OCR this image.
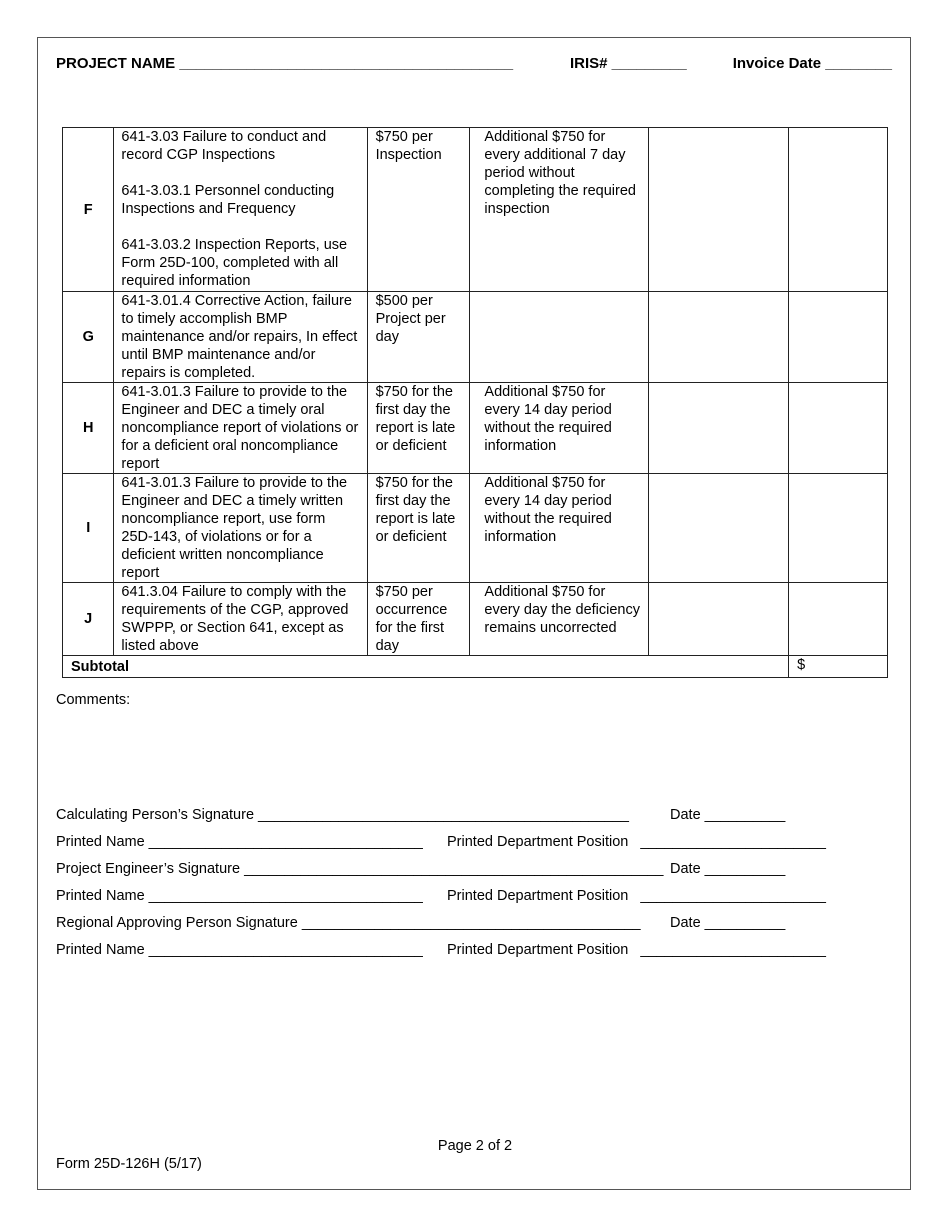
PROJECT NAME ________________________________________	IRIS# _________	Invoice Date ________
F	641-3.03 Failure to conduct and record CGP Inspections

641-3.03.1 Personnel conducting Inspections and Frequency

641-3.03.2 Inspection Reports, use Form 25D-100, completed with all required information	$750 per Inspection	Additional $750 for every additional 7 day period without completing the required inspection		
G	641-3.01.4 Corrective Action, failure to timely accomplish BMP maintenance and/or repairs, In effect until BMP maintenance and/or repairs is completed.	$500 per Project per day			
H	641-3.01.3 Failure to provide to the Engineer and DEC a timely oral noncompliance report of violations or for a deficient oral noncompliance report	$750 for the first day the report is late or deficient	Additional $750 for every 14 day period without the required information		
I	641-3.01.3 Failure to provide to the Engineer and DEC a timely written noncompliance report, use form 25D-143, of violations or for a deficient written noncompliance report	$750 for the first day the report is late or deficient	Additional $750 for every 14 day period without the required information		
J	641.3.04 Failure to comply with the requirements of the CGP, approved SWPPP, or Section 641, except as listed above	$750 per occurrence for the first day	Additional $750 for every day the deficiency remains uncorrected		
Subtotal					$
Comments:

Calculating Person’s Signature ______________________________________________

	Date __________

Printed Name __________________________________

Printed Department Position   _______________________

Project Engineer’s Signature ____________________________________________________

Date __________

Printed Name __________________________________

Printed Department Position   _______________________

Regional Approving Person Signature __________________________________________

Date __________

Printed Name __________________________________

Printed Department Position   _______________________

Page 2 of 2
Form 25D-126H (5/17)
